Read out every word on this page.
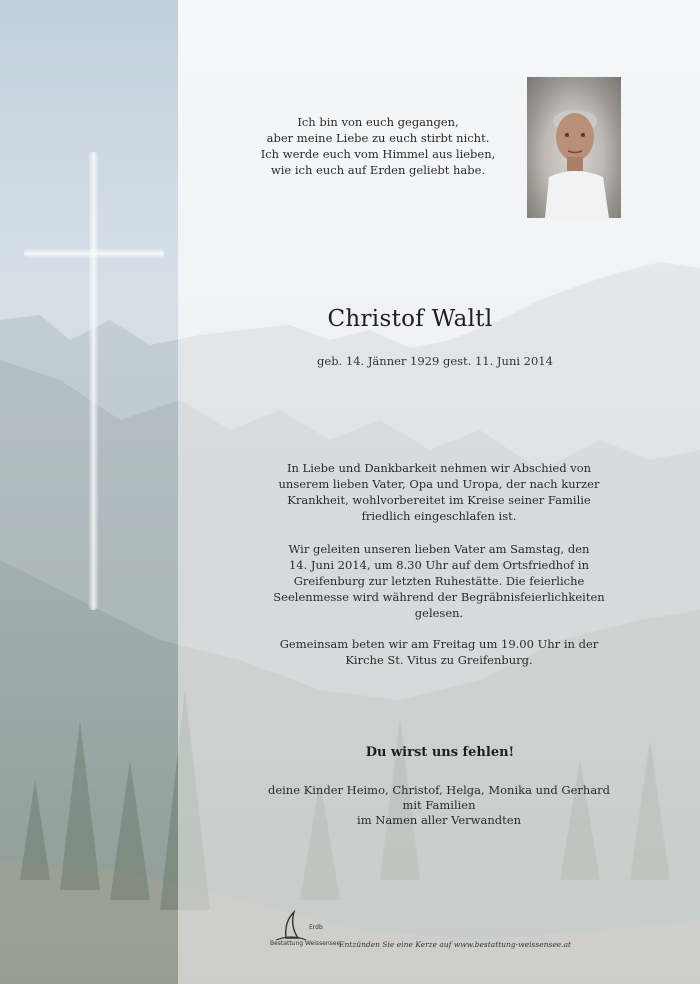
Ich bin von euch gegangen,
aber meine Liebe zu euch stirbt nicht.
Ich werde euch vom Himmel aus lieben,
wie ich euch auf Erden geliebt habe.
Christof Waltl
geb. 14. Jänner 1929 gest. 11. Juni 2014
In Liebe und Dankbarkeit nehmen wir Abschied von
unserem lieben Vater, Opa und Uropa, der nach kurzer
Krankheit, wohlvorbereitet im Kreise seiner Familie
friedlich eingeschlafen ist.
Wir geleiten unseren lieben Vater am Samstag, den
14. Juni 2014, um 8.30 Uhr auf dem Ortsfriedhof in
Greifenburg zur letzten Ruhestätte. Die feierliche
Seelenmesse wird während der Begräbnisfeierlichkeiten
gelesen.
Gemeinsam beten wir am Freitag um 19.00 Uhr in der
Kirche St. Vitus zu Greifenburg.
Du wirst uns fehlen!
deine Kinder Heimo, Christof, Helga, Monika und Gerhard
mit Familien
im Namen aller Verwandten
Erdb
Bestattung Weissensee
Entzünden Sie eine Kerze auf www.bestattung-weissensee.at
